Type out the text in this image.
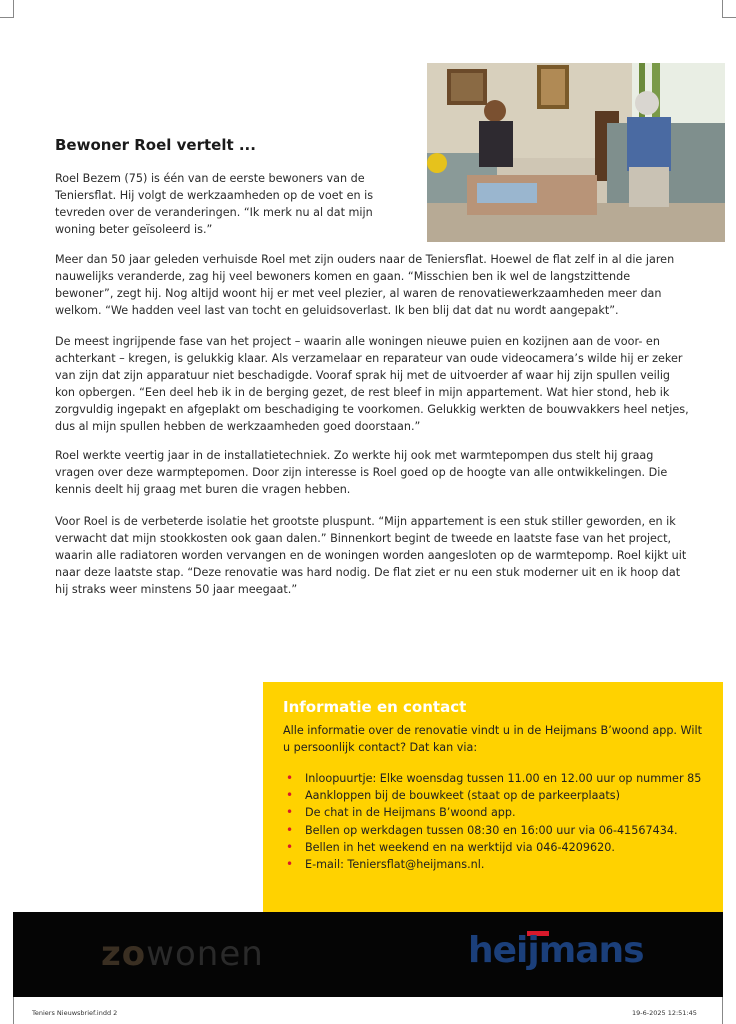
Bewoner Roel vertelt ...

Roel Bezem (75) is één van de eerste bewoners van de Teniersflat. Hij volgt de werkzaamheden op de voet en is tevreden over de veranderingen. “Ik merk nu al dat mijn woning beter geïsoleerd is.”

Meer dan 50 jaar geleden verhuisde Roel met zijn ouders naar de Teniersflat. Hoewel de flat zelf in al die jaren nauwelijks veranderde, zag hij veel bewoners komen en gaan. “Misschien ben ik wel de langstzittende bewoner”, zegt hij. Nog altijd woont hij er met veel plezier, al waren de renovatiewerkzaamheden meer dan welkom. “We hadden veel last van tocht en geluidsoverlast. Ik ben blij dat dat nu wordt aangepakt”.

De meest ingrijpende fase van het project – waarin alle woningen nieuwe puien en kozijnen aan de voor- en achterkant – kregen, is gelukkig klaar. Als verzamelaar en reparateur van oude videocamera’s wilde hij er zeker van zijn dat zijn apparatuur niet beschadigde. Vooraf sprak hij met de uitvoerder af waar hij zijn spullen veilig kon opbergen. “Een deel heb ik in de berging gezet, de rest bleef in mijn appartement. Wat hier stond, heb ik zorgvuldig ingepakt en afgeplakt om beschadiging te voorkomen. Gelukkig werkten de bouwvakkers heel netjes, dus al mijn spullen hebben de werkzaamheden goed doorstaan.”

Roel werkte veertig jaar in de installatietechniek. Zo werkte hij ook met warmtepompen dus stelt hij graag vragen over deze warmptepomen. Door zijn interesse is Roel goed op de hoogte van alle ontwikkelingen. Die kennis deelt hij graag met buren die vragen hebben.

Voor Roel is de verbeterde isolatie het grootste pluspunt. “Mijn appartement is een stuk stiller geworden, en ik verwacht dat mijn stookkosten ook gaan dalen.” Binnenkort begint de tweede en laatste fase van het project, waarin alle radiatoren worden vervangen en de woningen worden aangesloten op de warmtepomp. Roel kijkt uit naar deze laatste stap. “Deze renovatie was hard nodig. De flat ziet er nu een stuk moderner uit en ik hoop dat hij straks weer minstens 50 jaar meegaat.”

Informatie en contact

Alle informatie over de renovatie vindt u in de Heijmans B’woond app. Wilt u persoonlijk contact? Dat kan via:

• Inloopuurtje: Elke woensdag tussen 11.00 en 12.00 uur op nummer 85
• Aankloppen bij de bouwkeet (staat op de parkeerplaats)
• De chat in de Heijmans B’woond app.
• Bellen op werkdagen tussen 08:30 en 16:00 uur via 06-41567434.
• Bellen in het weekend en na werktijd via 046-4209620.
• E-mail: Teniersflat@heijmans.nl.
zowonen	heijmans
Teniers Nieuwsbrief.indd 2	19-6-2025 12:51:45
